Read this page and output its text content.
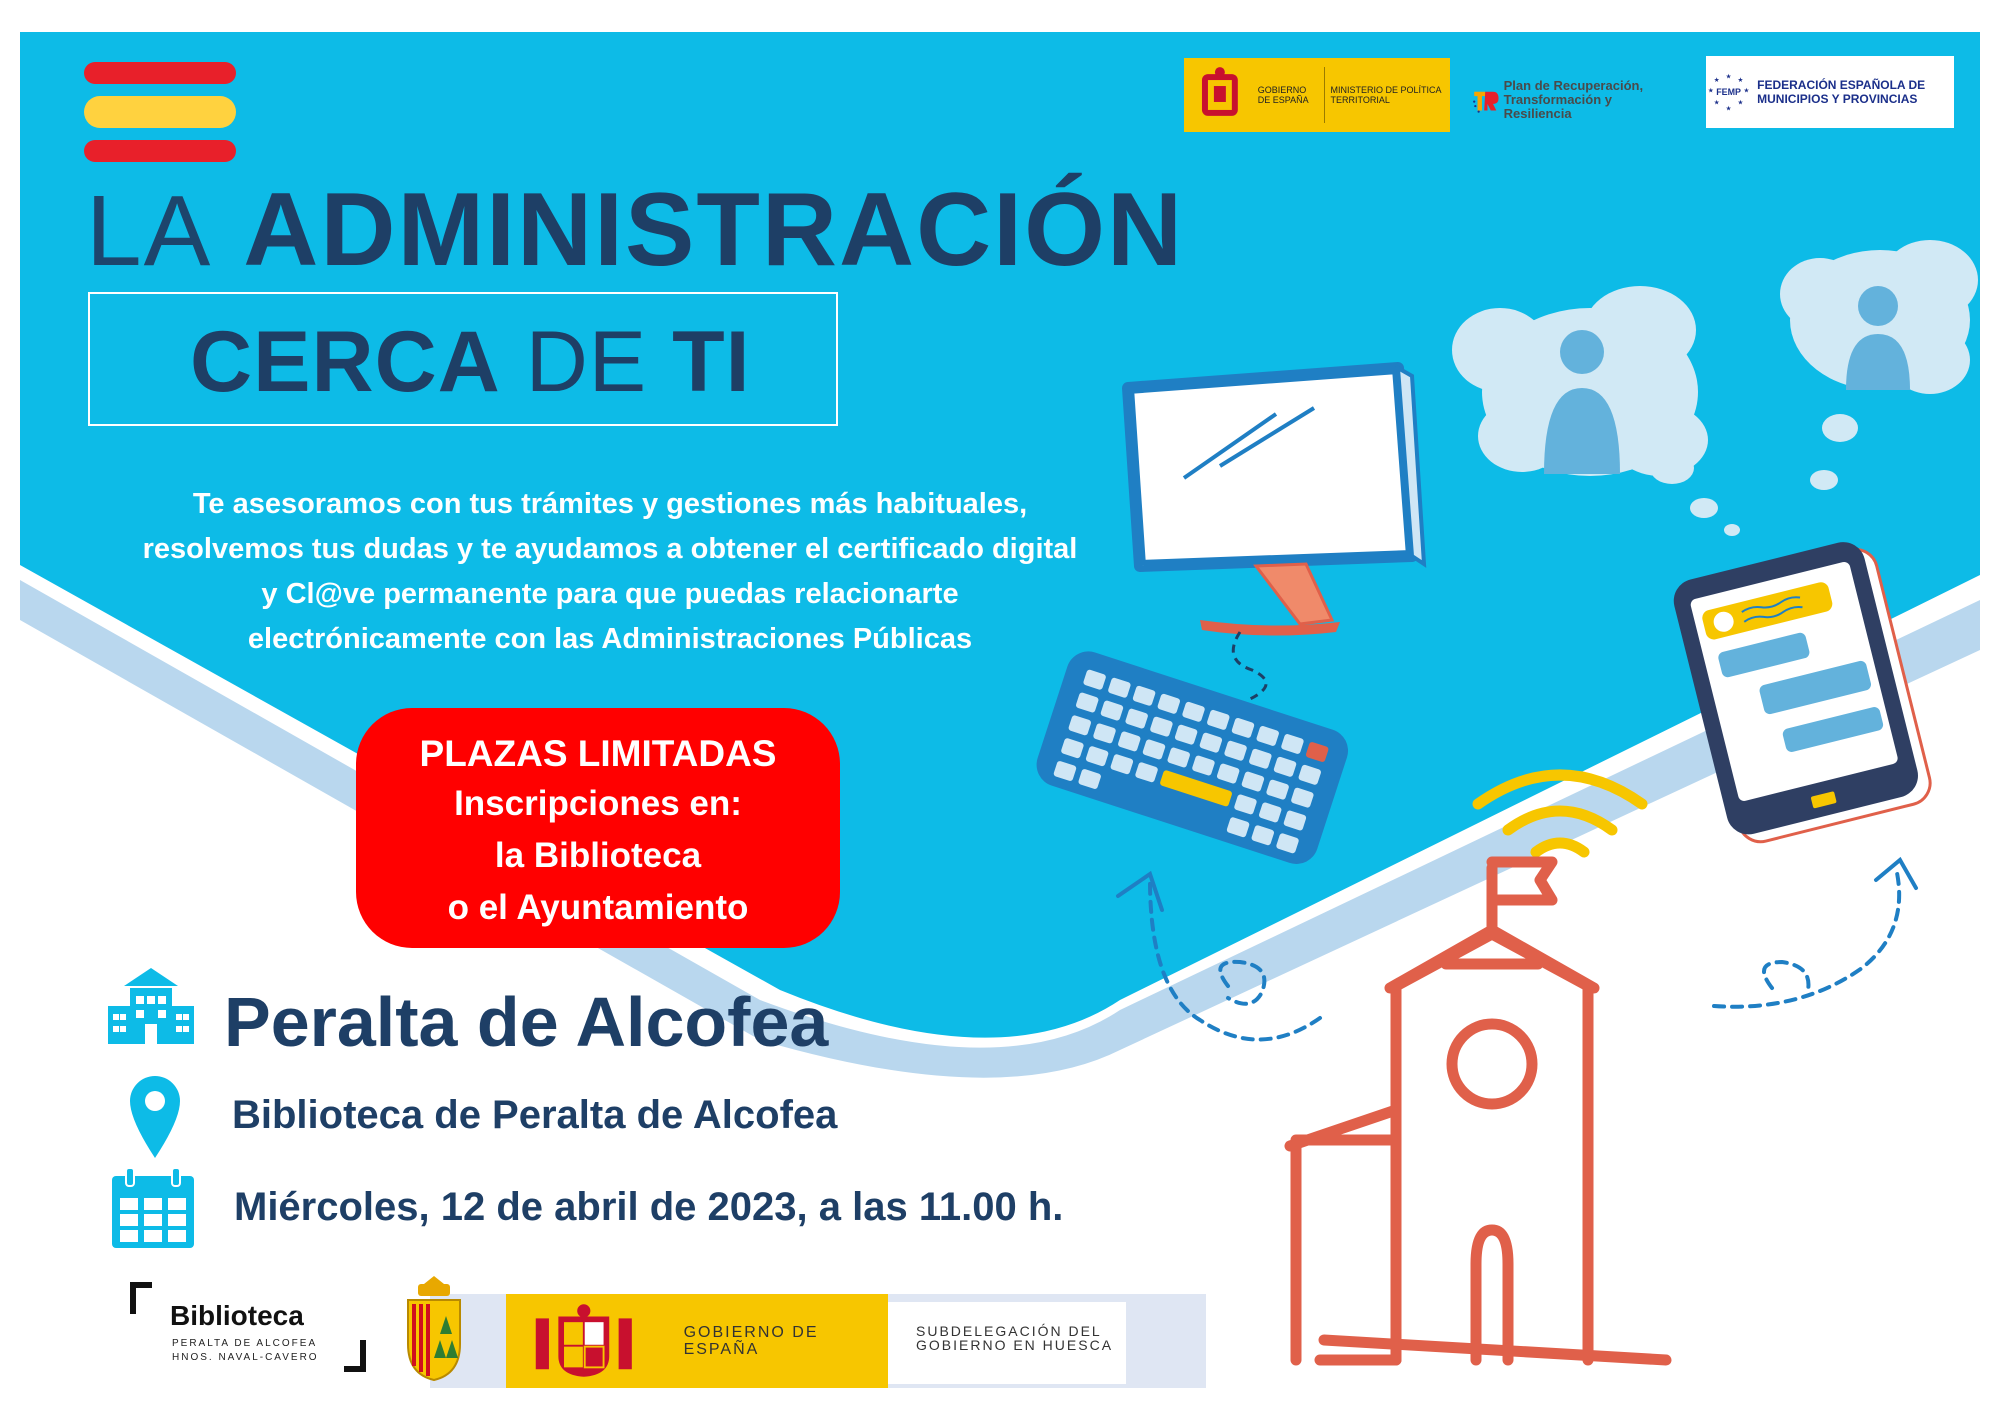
GOBIERNO DE ESPAÑA
MINISTERIO DE POLÍTICA TERRITORIAL
Plan de Recuperación, Transformación y Resiliencia
★ ★
★
★
★
★
★
★
FEMP FEDERACIÓN ESPAÑOLA DE MUNICIPIOS Y PROVINCIAS
LA ADMINISTRACIÓN
CERCA DE TI
Te asesoramos con tus trámites y gestiones más habituales, resolvemos tus dudas y te ayudamos a obtener el certificado digital y Cl@ve permanente para que puedas relacionarte electrónicamente con las Administraciones Públicas
PLAZAS LIMITADAS
Inscripciones en:
la Biblioteca
o el Ayuntamiento
Peralta de Alcofea
Biblioteca de Peralta de Alcofea
Miércoles, 12 de abril de 2023, a las 11.00 h.
Biblioteca
PERALTA DE ALCOFEA
HNOS. NAVAL-CAVERO
GOBIERNO DE ESPAÑA
SUBDELEGACIÓN DEL GOBIERNO EN HUESCA
